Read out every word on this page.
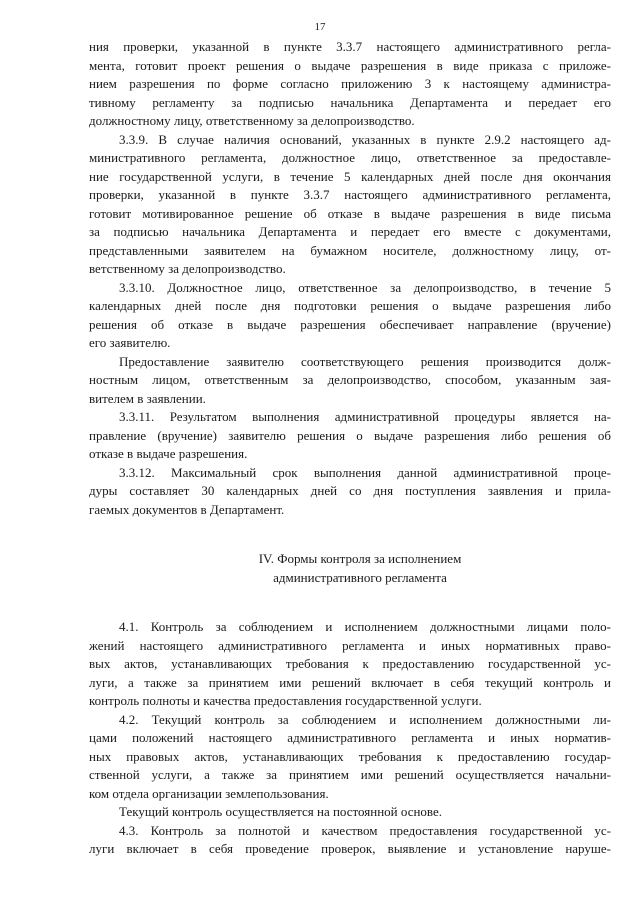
17
ния проверки, указанной в пункте 3.3.7 настоящего административного регла-
мента, готовит проект решения о выдаче разрешения в виде приказа с приложе-
нием разрешения по форме согласно приложению 3 к настоящему администра-
тивному регламенту за подписью начальника Департамента и передает его
должностному лицу, ответственному за делопроизводство.
3.3.9. В случае наличия оснований, указанных в пункте 2.9.2 настоящего ад-
министративного регламента, должностное лицо, ответственное за предоставле-
ние государственной услуги, в течение 5 календарных дней после дня окончания
проверки, указанной в пункте 3.3.7 настоящего административного регламента,
готовит мотивированное решение об отказе в выдаче разрешения в виде письма
за подписью начальника Департамента и передает его вместе с документами,
представленными заявителем на бумажном носителе, должностному лицу, от-
ветственному за делопроизводство.
3.3.10. Должностное лицо, ответственное за делопроизводство, в течение 5
календарных дней после дня подготовки решения о выдаче разрешения либо
решения об отказе в выдаче разрешения обеспечивает направление (вручение)
его заявителю.
Предоставление заявителю соответствующего решения производится долж-
ностным лицом, ответственным за делопроизводство, способом, указанным зая-
вителем в заявлении.
3.3.11. Результатом выполнения административной процедуры является на-
правление (вручение) заявителю решения о выдаче разрешения либо решения об
отказе в выдаче разрешения.
3.3.12. Максимальный срок выполнения данной административной проце-
дуры составляет 30 календарных дней со дня поступления заявления и прила-
гаемых документов в Департамент.
IV. Формы контроля за исполнением
административного регламента
4.1. Контроль за соблюдением и исполнением должностными лицами поло-
жений настоящего административного регламента и иных нормативных право-
вых актов, устанавливающих требования к предоставлению государственной ус-
луги, а также за принятием ими решений включает в себя текущий контроль и
контроль полноты и качества предоставления государственной услуги.
4.2. Текущий контроль за соблюдением и исполнением должностными ли-
цами положений настоящего административного регламента и иных норматив-
ных правовых актов, устанавливающих требования к предоставлению государ-
ственной услуги, а также за принятием ими решений осуществляется начальни-
ком отдела организации землепользования.
Текущий контроль осуществляется на постоянной основе.
4.3. Контроль за полнотой и качеством предоставления государственной ус-
луги включает в себя проведение проверок, выявление и установление наруше-
